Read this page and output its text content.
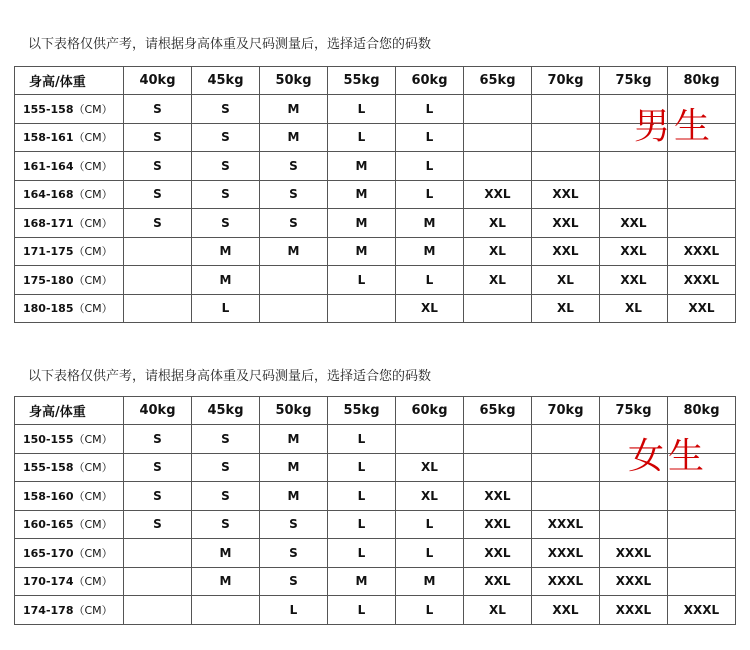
以下表格仅供产考，请根据身高体重及尺码测量后，选择适合您的码数
身高/体重	40kg	45kg	50kg	55kg	60kg	65kg	70kg	75kg	80kg
155-158（CM）	S	S	M	L	L				
158-161（CM）	S	S	M	L	L				
161-164（CM）	S	S	S	M	L				
164-168（CM）	S	S	S	M	L	XXL	XXL		
168-171（CM）	S	S	S	M	M	XL	XXL	XXL	
171-175（CM）		M	M	M	M	XL	XXL	XXL	XXXL
175-180（CM）		M		L	L	XL	XL	XXL	XXXL
180-185（CM）		L			XL		XL	XL	XXL
男生
以下表格仅供产考，请根据身高体重及尺码测量后，选择适合您的码数
身高/体重	40kg	45kg	50kg	55kg	60kg	65kg	70kg	75kg	80kg
150-155（CM）	S	S	M	L					
155-158（CM）	S	S	M	L	XL				
158-160（CM）	S	S	M	L	XL	XXL			
160-165（CM）	S	S	S	L	L	XXL	XXXL		
165-170（CM）		M	S	L	L	XXL	XXXL	XXXL	
170-174（CM）		M	S	M	M	XXL	XXXL	XXXL	
174-178（CM）			L	L	L	XL	XXL	XXXL	XXXL
女生
